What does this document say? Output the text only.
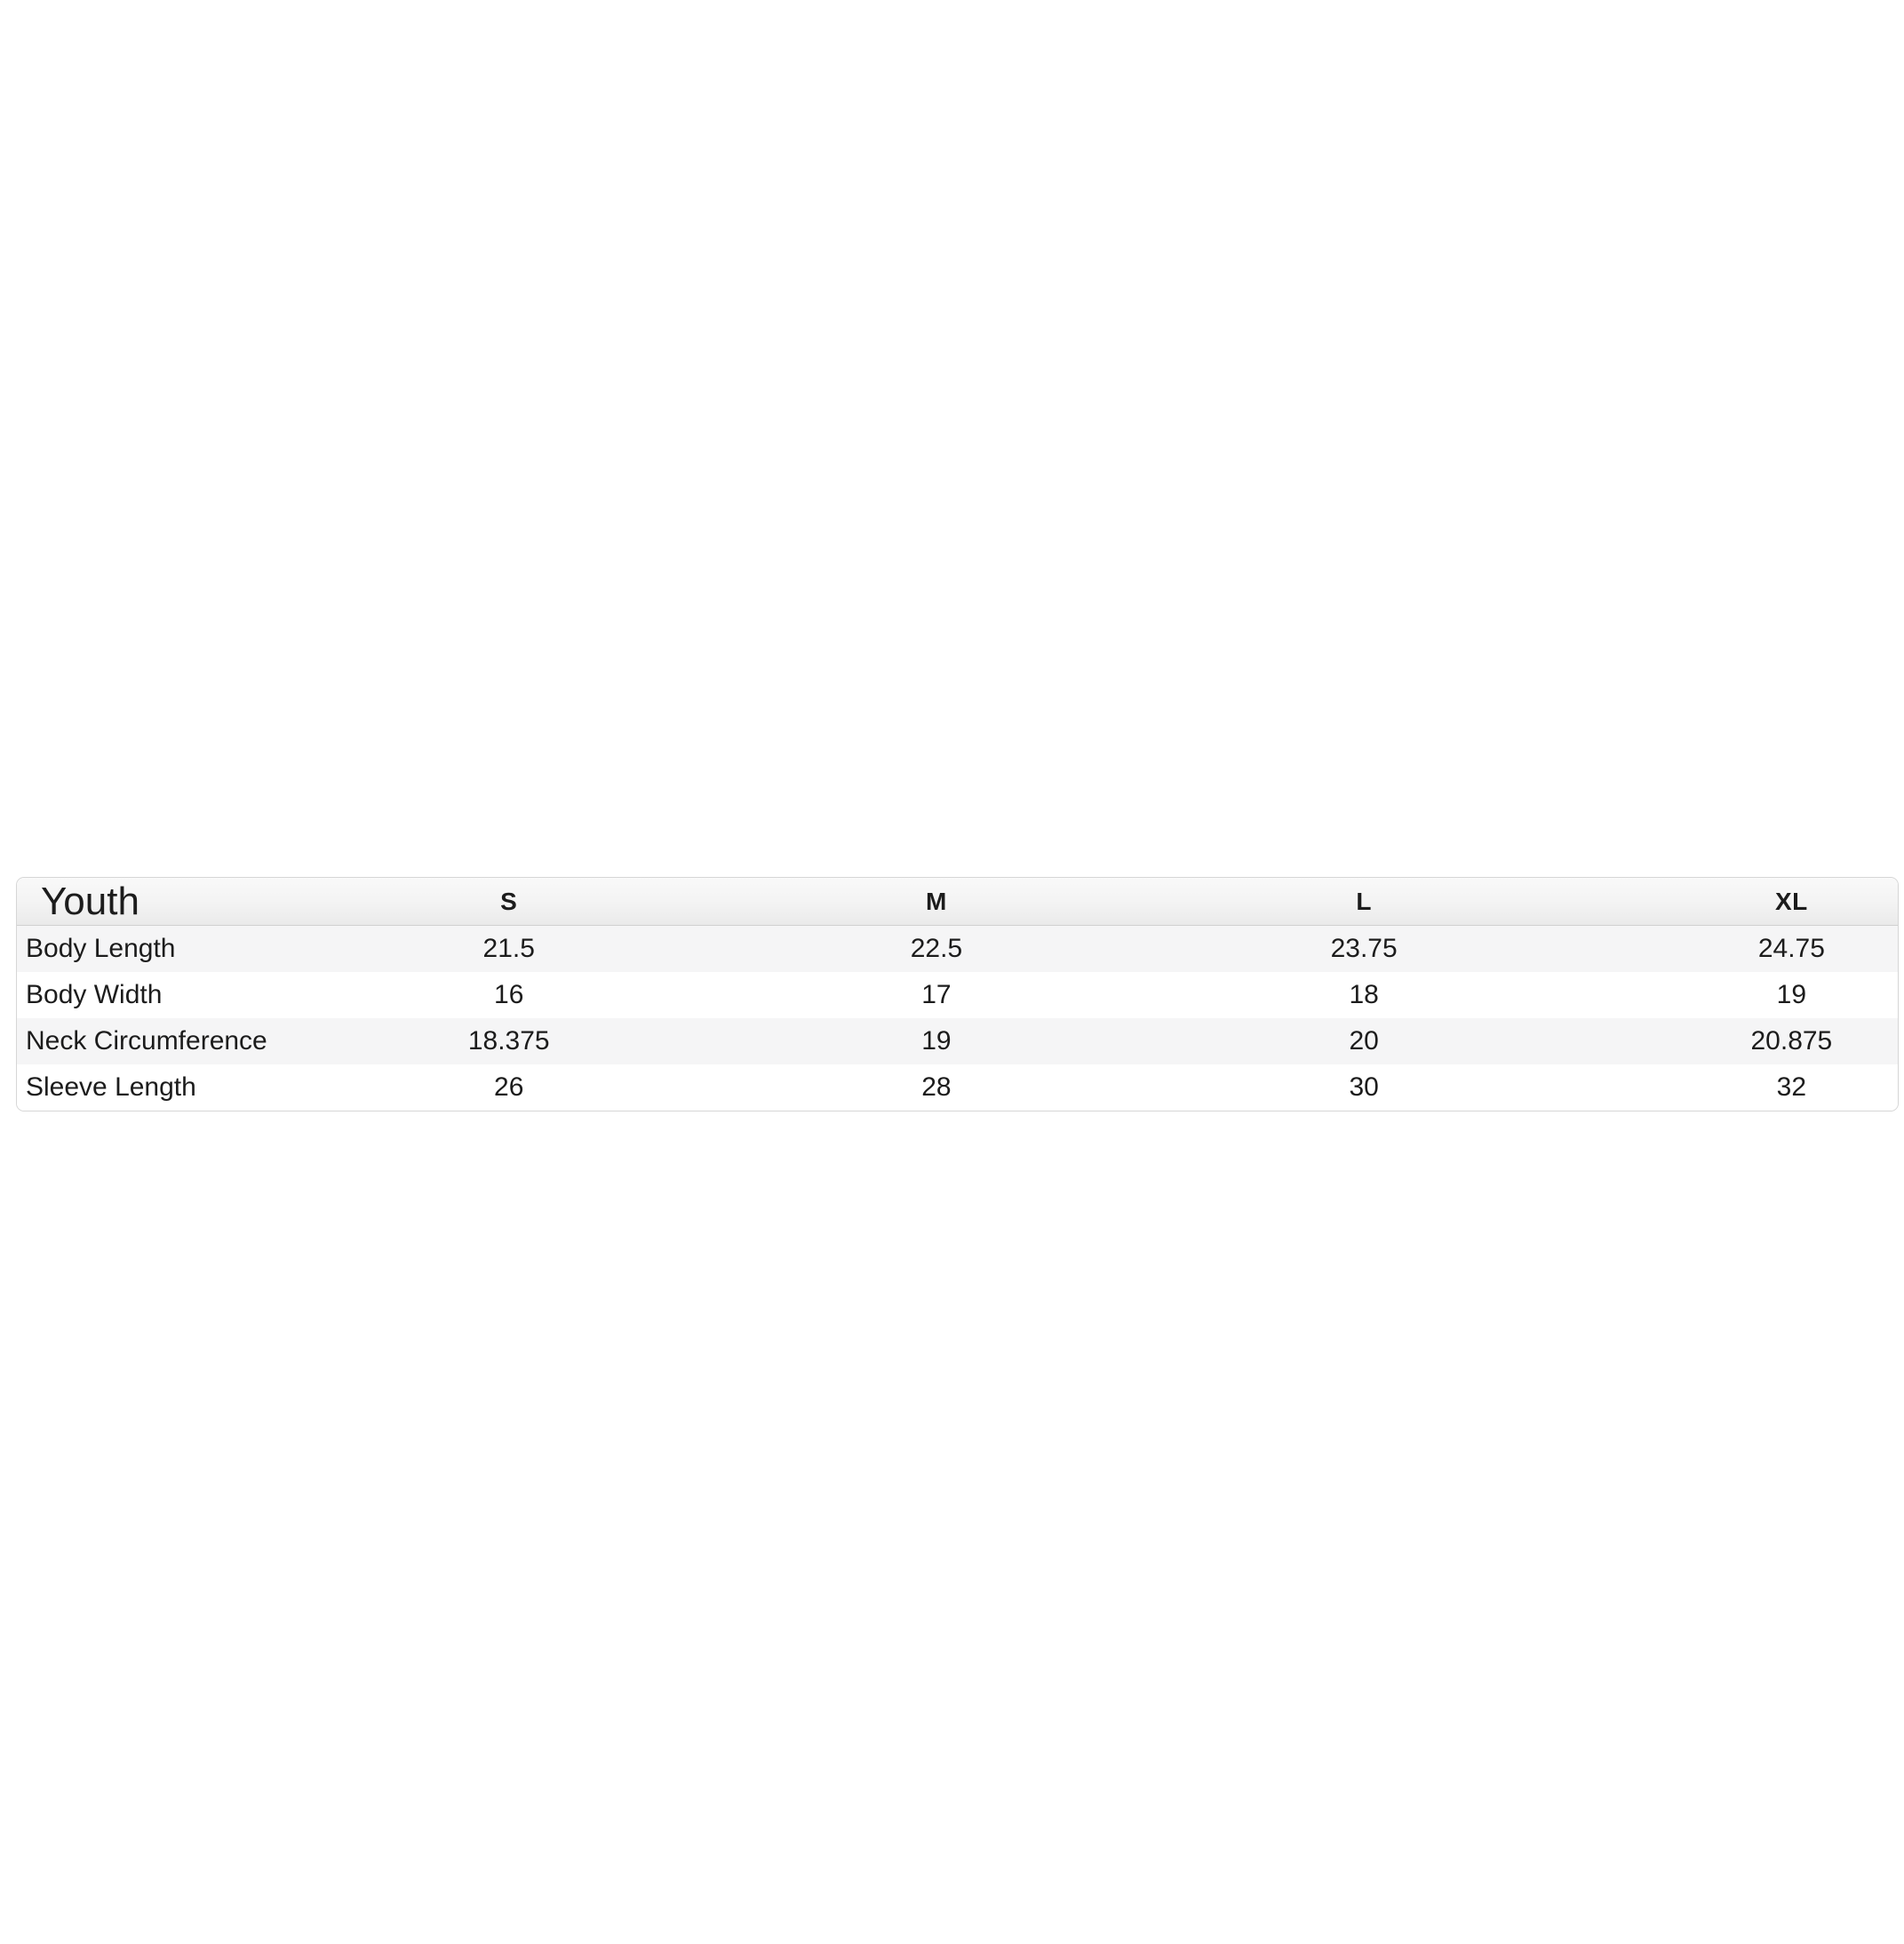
Youth	S	M	L	XL
Body Length	21.5	22.5	23.75	24.75
Body Width	16	17	18	19
Neck Circumference	18.375	19	20	20.875
Sleeve Length	26	28	30	32
